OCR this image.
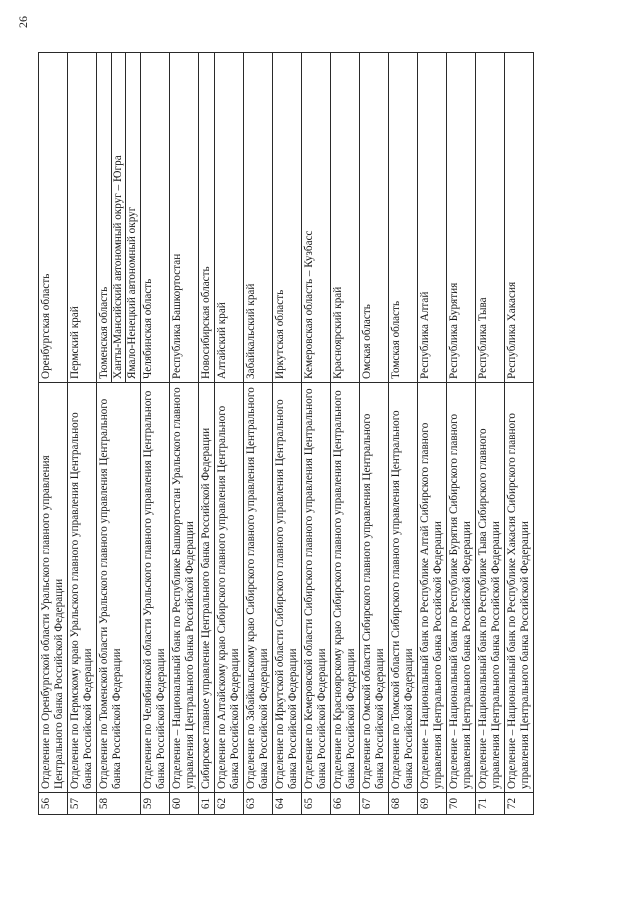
26
56	Отделение по Оренбургской области Уральского главного управления Центрального банка Российской Федерации	Оренбургская область

57	Отделение по Пермскому краю Уральского главного управления Центрального банка Российской Федерации	Пермский край

58	Отделение по Тюменской области Уральского главного управления Центрального банка Российской Федерации	Тюменская область Ханты-Мансийский автономный округ – Югра Ямало-Ненецкий автономный округ

59	Отделение по Челябинской области Уральского главного управления Центрального банка Российской Федерации	Челябинская область

60	Отделение – Национальный банк по Республике Башкортостан Уральского главного управления Центрального банка Российской Федерации	Республика Башкортостан

61	Сибирское главное управление Центрального банка Российской Федерации	Новосибирская область

62	Отделение по Алтайскому краю Сибирского главного управления Центрального банка Российской Федерации	Алтайский край

63	Отделение по Забайкальскому краю Сибирского главного управления Центрального банка Российской Федерации	Забайкальский край

64	Отделение по Иркутской области Сибирского главного управления Центрального банка Российской Федерации	Иркутская область

65	Отделение по Кемеровской области Сибирского главного управления Центрального банка Российской Федерации	Кемеровская область – Кузбасс

66	Отделение по Красноярскому краю Сибирского главного управления Центрального банка Российской Федерации	Красноярский край

67	Отделение по Омской области Сибирского главного управления Центрального банка Российской Федерации	Омская область

68	Отделение по Томской области Сибирского главного управления Центрального банка Российской Федерации	Томская область

69	Отделение – Национальный банк по Республике Алтай Сибирского главного управления Центрального банка Российской Федерации	Республика Алтай

70	Отделение – Национальный банк по Республике Бурятия Сибирского главного управления Центрального банка Российской Федерации	Республика Бурятия

71	Отделение – Национальный банк по Республике Тыва Сибирского главного управления Центрального банка Российской Федерации	Республика Тыва

72	Отделение – Национальный банк по Республике Хакасия Сибирского главного управления Центрального банка Российской Федерации	Республика Хакасия
